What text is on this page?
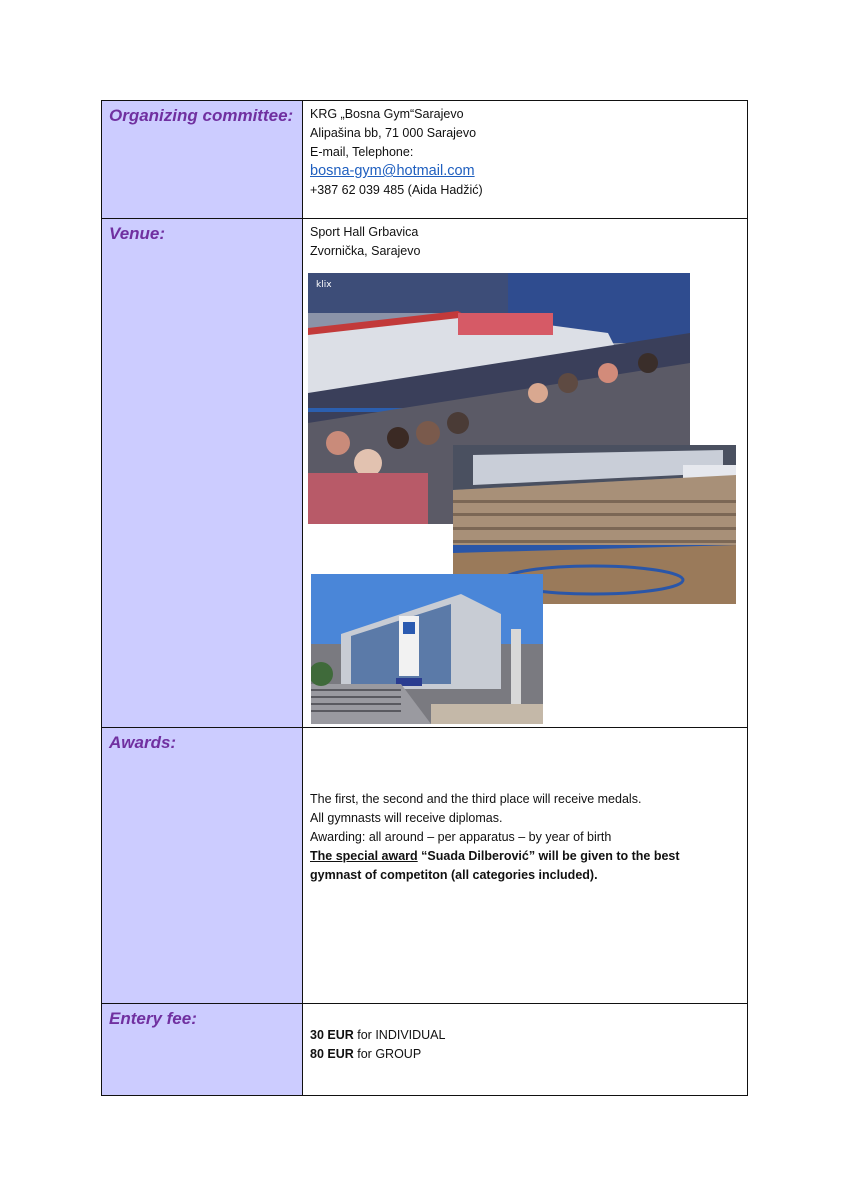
Organizing committee:	KRG „Bosna Gym“Sarajevo
Alipašina bb, 71 000 Sarajevo
E-mail, Telephone:
bosna-gym@hotmail.com
+387 62 039 485 (Aida Hadžić)

Venue:	Sport Hall Grbavica
Zvornička, Sarajevo
klix

Awards:	The first, the second and the third place will receive medals.
All gymnasts will receive diplomas.
Awarding: all around – per apparatus – by year of birth
The special award “Suada Dilberović” will be given to the best
gymnast of competiton (all categories included).

Entery fee:	30 EUR for INDIVIDUAL
80 EUR for GROUP
